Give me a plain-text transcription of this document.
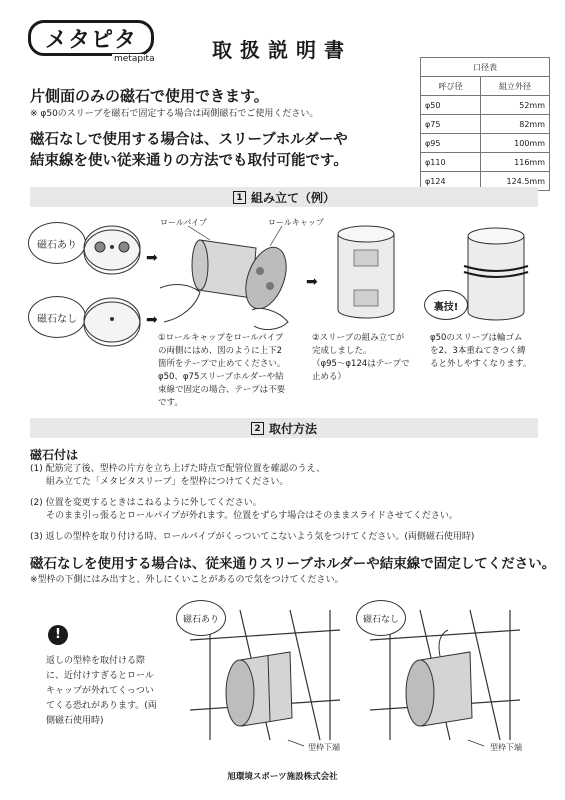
メタピタ
metapita	取扱説明書
口径表	
呼び径	組立外径
φ50	52mm
φ75	82mm
φ95	100mm
φ110	116mm
φ124	124.5mm
片側面のみの磁石で使用できます。
※ φ50のスリーブを磁石で固定する場合は両側磁石でご使用ください。
磁石なしで使用する場合は、スリーブホルダーや
結束線を使い従来通りの方法でも取付可能です。
1 組み立て（例）
磁石あり
磁石なし
➡
➡
ロールパイプ	ロールキャップ
➡
裏技!
①ロールキャップをロールパイプ
の両側にはめ、図のように上下2
箇所をテープで止めてください。
φ50、φ75スリーブホルダーや結
束線で固定の場合、テープは不要
です。
②スリーブの組み立てが
完成しました。
（φ95～φ124はテープで
止める）
φ50のスリーブは輪ゴム
を2、3本重ねてきつく縛
ると外しやすくなります。
2 取付方法
磁石付は
(1) 配筋完了後、型枠の片方を立ち上げた時点で配管位置を確認のうえ、
組み立てた「メタピタスリーブ」を型枠につけてください。
(2) 位置を変更するときはこねるように外してください。
そのまま引っ張るとロールパイプが外れます。位置をずらす場合はそのままスライドさせてください。
(3) 返しの型枠を取り付ける時、ロールパイプがくっついてこないよう気をつけてください。(両側磁石使用時)
磁石なしを使用する場合は、従来通りスリーブホルダーや結束線で固定してください。
※型枠の下側にはみ出すと、外しにくいことがあるので気をつけてください。
!
返しの型枠を取付ける際
に、近付けすぎるとロール
キャップが外れてくっつい
てくる恐れがあります。(両
側磁石使用時)
磁石あり
型枠下端
磁石なし
型枠下端
旭環境スポーツ施設株式会社
